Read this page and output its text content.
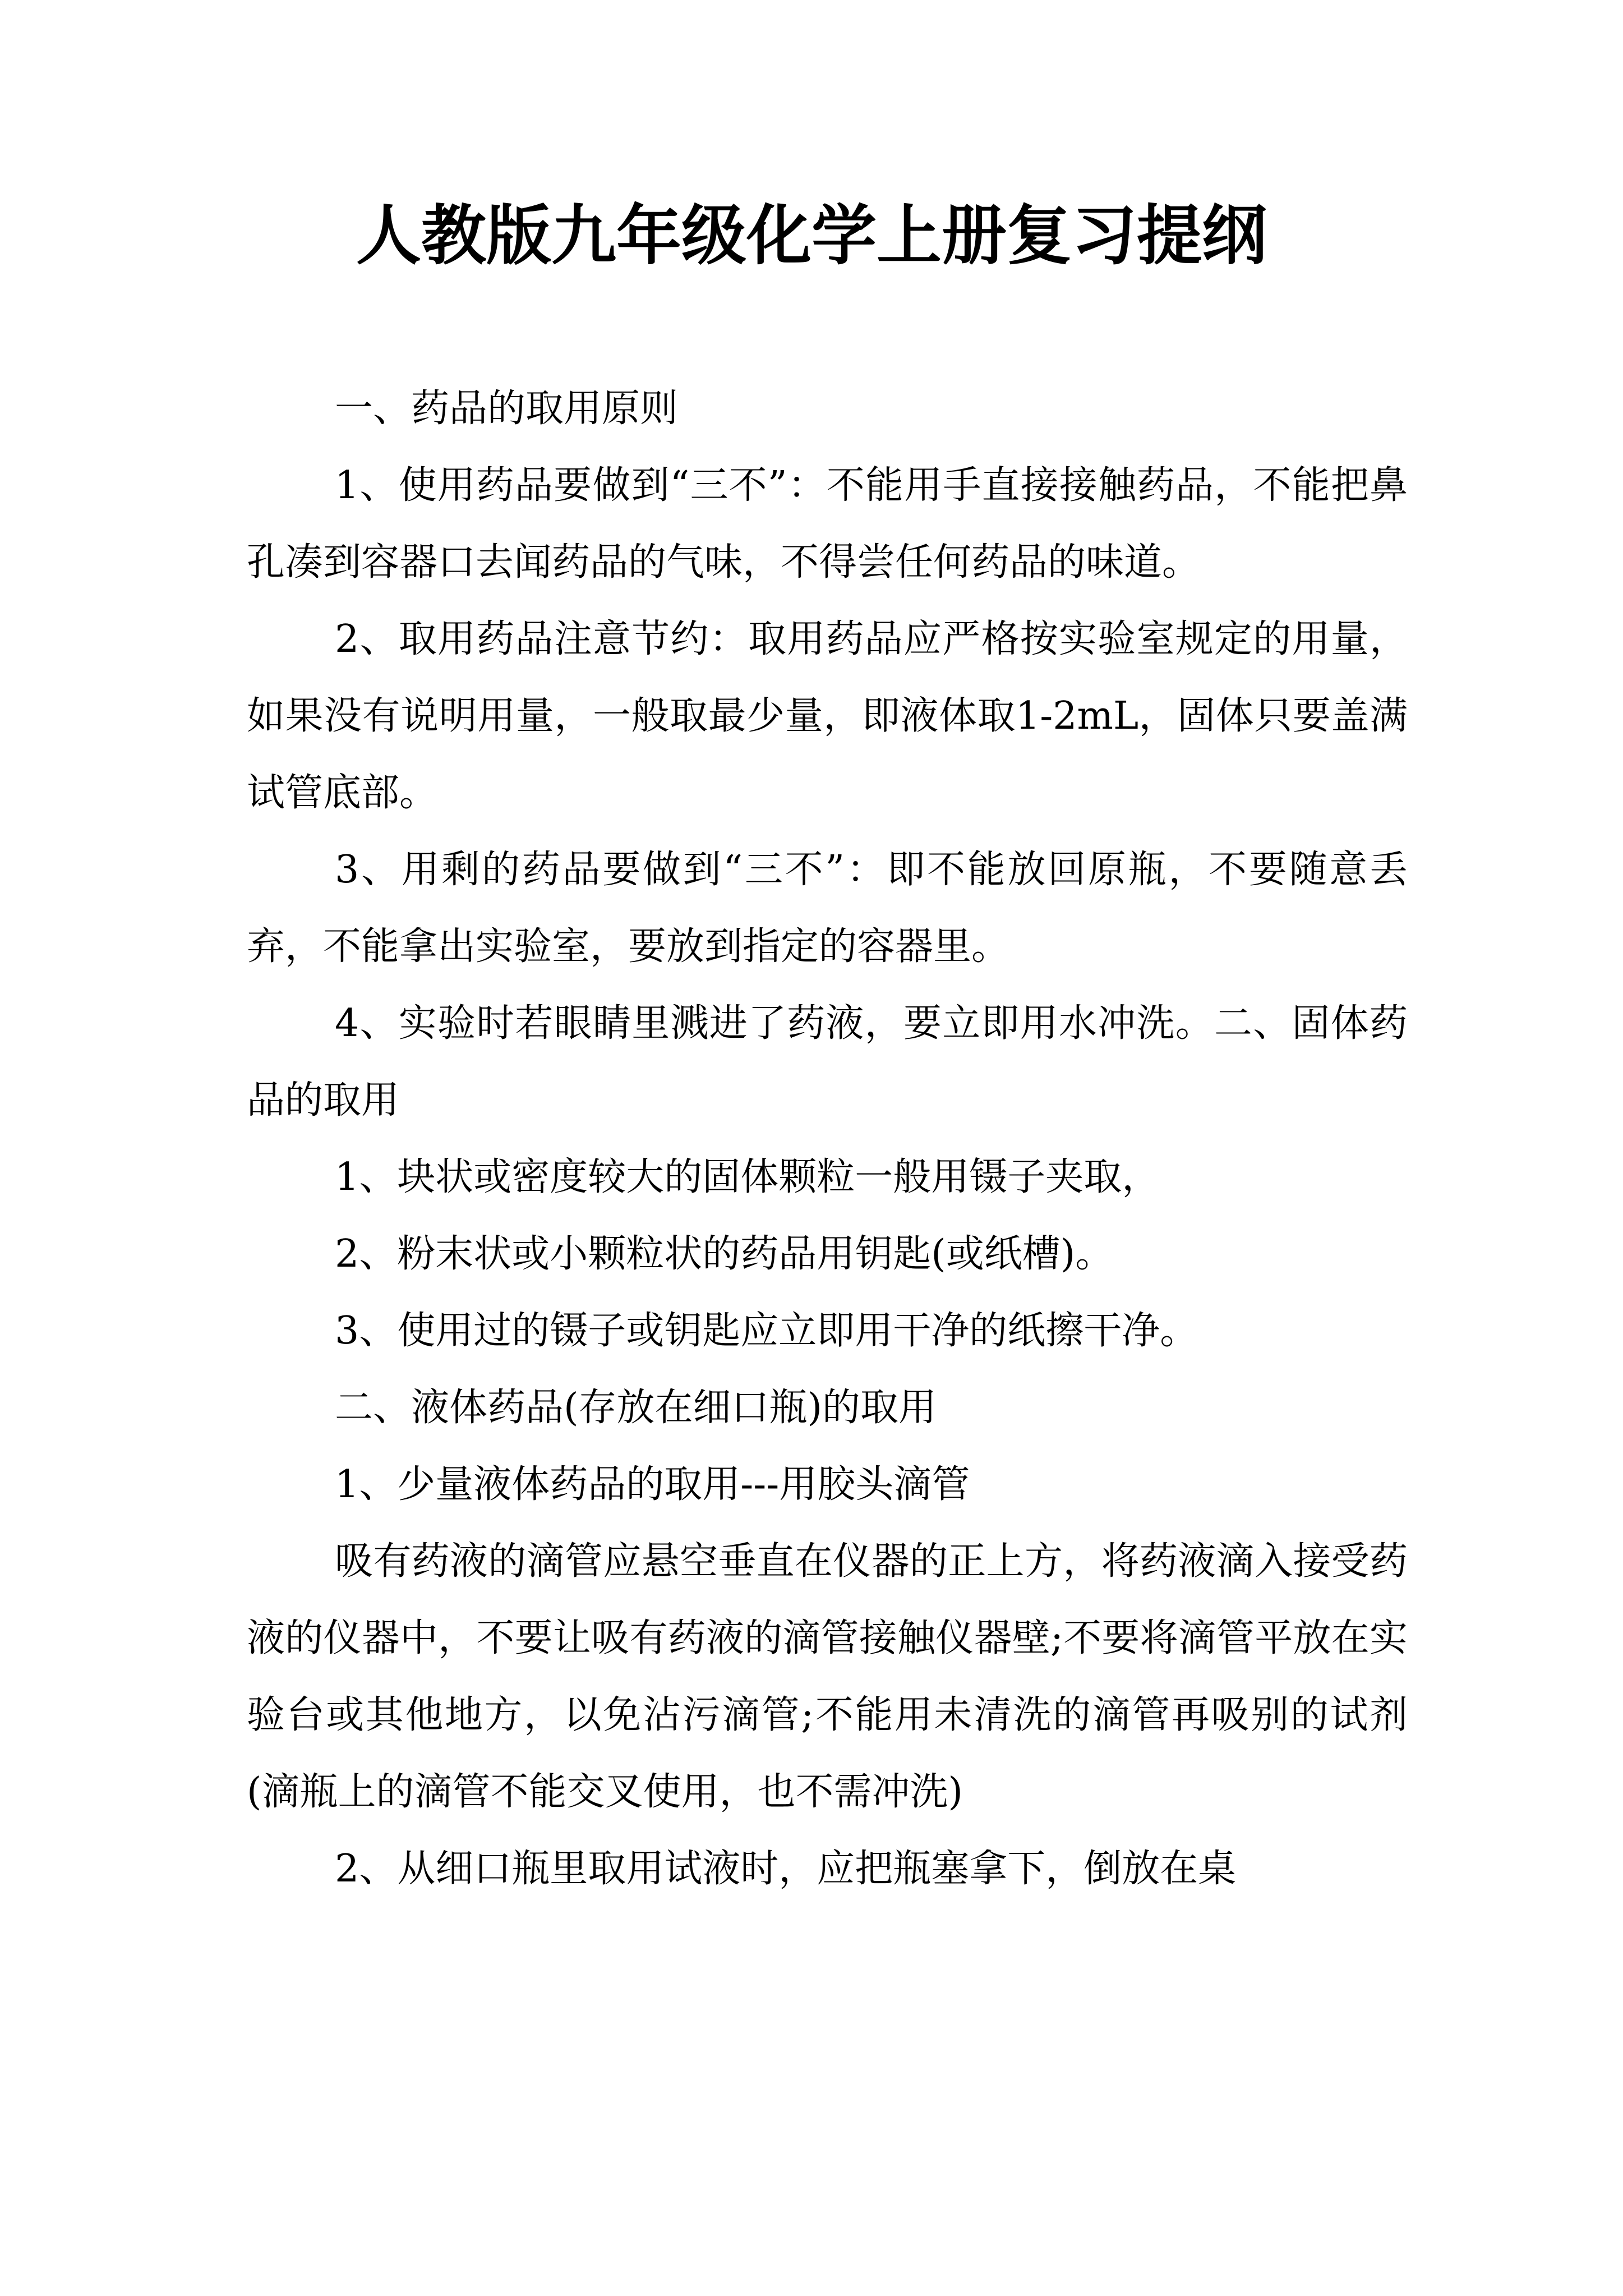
人教版九年级化学上册复习提纲

一、药品的取用原则

1、使用药品要做到“三不”：不能用手直接接触药品，不能把鼻孔凑到容器口去闻药品的气味，不得尝任何药品的味道。

2、取用药品注意节约：取用药品应严格按实验室规定的用量，如果没有说明用量，一般取最少量，即液体取1-2mL，固体只要盖满试管底部。

3、用剩的药品要做到“三不”：即不能放回原瓶，不要随意丢弃，不能拿出实验室，要放到指定的容器里。

4、实验时若眼睛里溅进了药液，要立即用水冲洗。二、固体药品的取用

1、块状或密度较大的固体颗粒一般用镊子夹取，

2、粉末状或小颗粒状的药品用钥匙(或纸槽)。

3、使用过的镊子或钥匙应立即用干净的纸擦干净。

二、液体药品(存放在细口瓶)的取用

1、少量液体药品的取用---用胶头滴管

吸有药液的滴管应悬空垂直在仪器的正上方，将药液滴入接受药液的仪器中，不要让吸有药液的滴管接触仪器壁;不要将滴管平放在实验台或其他地方，以免沾污滴管;不能用未清洗的滴管再吸别的试剂(滴瓶上的滴管不能交叉使用，也不需冲洗)

2、从细口瓶里取用试液时，应把瓶塞拿下，倒放在桌
